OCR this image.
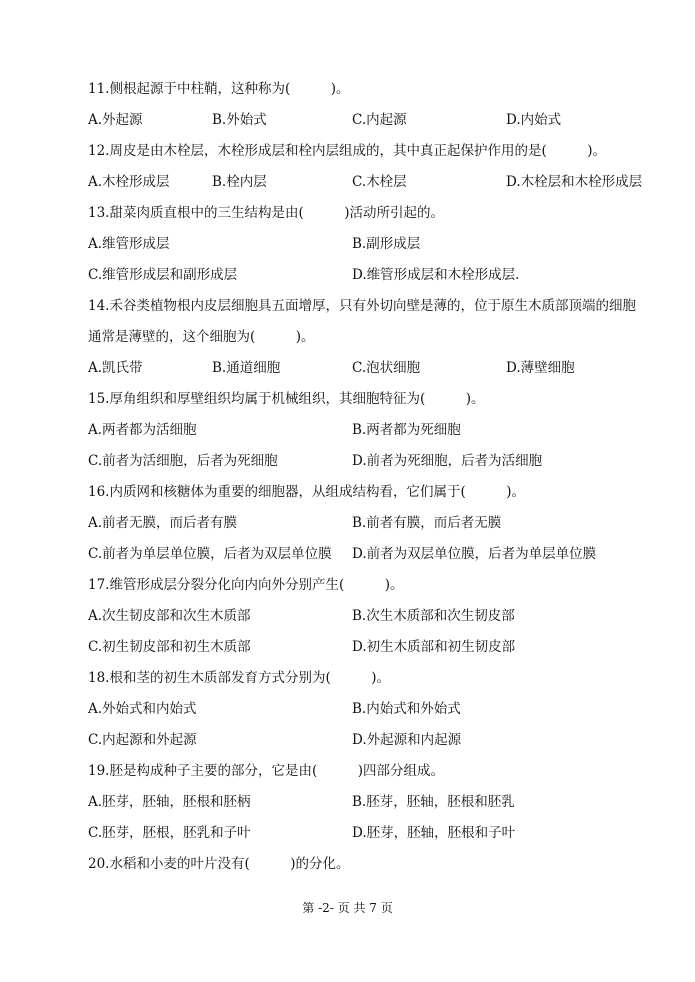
11.侧根起源于中柱鞘，这种称为(　　　)。
A.外起源	B.外始式	C.内起源	D.内始式
12.周皮是由木栓层，木栓形成层和栓内层组成的，其中真正起保护作用的是(　　　)。
A.木栓形成层	B.栓内层	C.木栓层	D.木栓层和木栓形成层
13.甜菜肉质直根中的三生结构是由(　　　)活动所引起的。
A.维管形成层	B.副形成层
C.维管形成层和副形成层	D.维管形成层和木栓形成层.
14.禾谷类植物根内皮层细胞具五面增厚，只有外切向壁是薄的，位于原生木质部顶端的细胞
通常是薄壁的，这个细胞为(　　　)。
A.凯氏带	B.通道细胞	C.泡状细胞	D.薄壁细胞
15.厚角组织和厚壁组织均属于机械组织，其细胞特征为(　　　)。
A.两者都为活细胞	B.两者都为死细胞
C.前者为活细胞，后者为死细胞	D.前者为死细胞，后者为活细胞
16.内质网和核糖体为重要的细胞器，从组成结构看，它们属于(　　　)。
A.前者无膜，而后者有膜	B.前者有膜，而后者无膜
C.前者为单层单位膜，后者为双层单位膜 D.前者为双层单位膜，后者为单层单位膜
17.维管形成层分裂分化向内向外分别产生(　　　)。
A.次生韧皮部和次生木质部	B.次生木质部和次生韧皮部
C.初生韧皮部和初生木质部	D.初生木质部和初生韧皮部
18.根和茎的初生木质部发育方式分别为(　　　)。
A.外始式和内始式	B.内始式和外始式
C.内起源和外起源	D.外起源和内起源
19.胚是构成种子主要的部分，它是由(　　　)四部分组成。
A.胚芽，胚轴，胚根和胚柄	B.胚芽，胚轴，胚根和胚乳
C.胚芽，胚根，胚乳和子叶	D.胚芽，胚轴，胚根和子叶
20.水稻和小麦的叶片没有(　　　)的分化。
第 -2- 页 共 7 页
